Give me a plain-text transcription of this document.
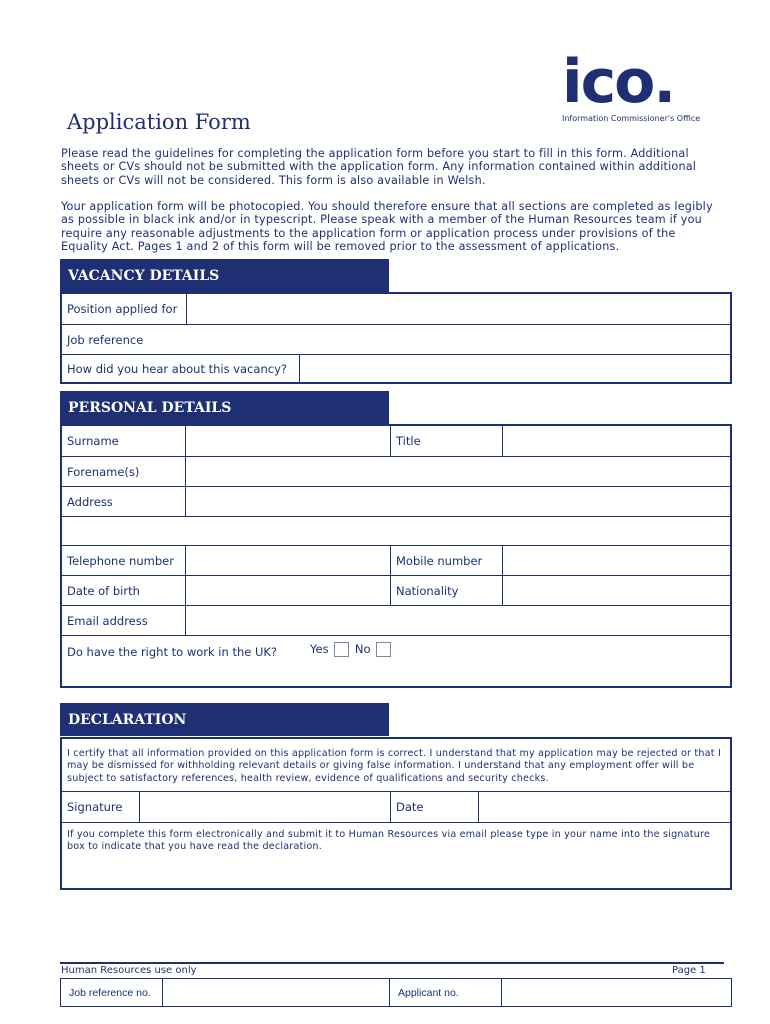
Application Form
ico.
Information Commissioner's Office
Please read the guidelines for completing the application form before you start to fill in this form. Additional sheets or CVs should not be submitted with the application form. Any information contained within additional sheets or CVs will not be considered. This form is also available in Welsh.
Your application form will be photocopied. You should therefore ensure that all sections are completed as legibly as possible in black ink and/or in typescript. Please speak with a member of the Human Resources team if you require any reasonable adjustments to the application form or application process under provisions of the Equality Act. Pages 1 and 2 of this form will be removed prior to the assessment of applications.
VACANCY DETAILS
Position applied for
Job reference
How did you hear about this vacancy?
PERSONAL DETAILS
Surname	Title
Forename(s)
Address
Telephone number	Mobile number
Date of birth	Nationality
Email address
Do have the right to work in the UK?	Yes No
DECLARATION
I certify that all information provided on this application form is correct. I understand that my application may be rejected or that I may be dismissed for withholding relevant details or giving false information. I understand that any employment offer will be subject to satisfactory references, health review, evidence of qualifications and security checks.
Signature	Date
If you complete this form electronically and submit it to Human Resources via email please type in your name into the signature box to indicate that you have read the declaration.
Human Resources use only	Page 1
Job reference no.	Applicant no.
